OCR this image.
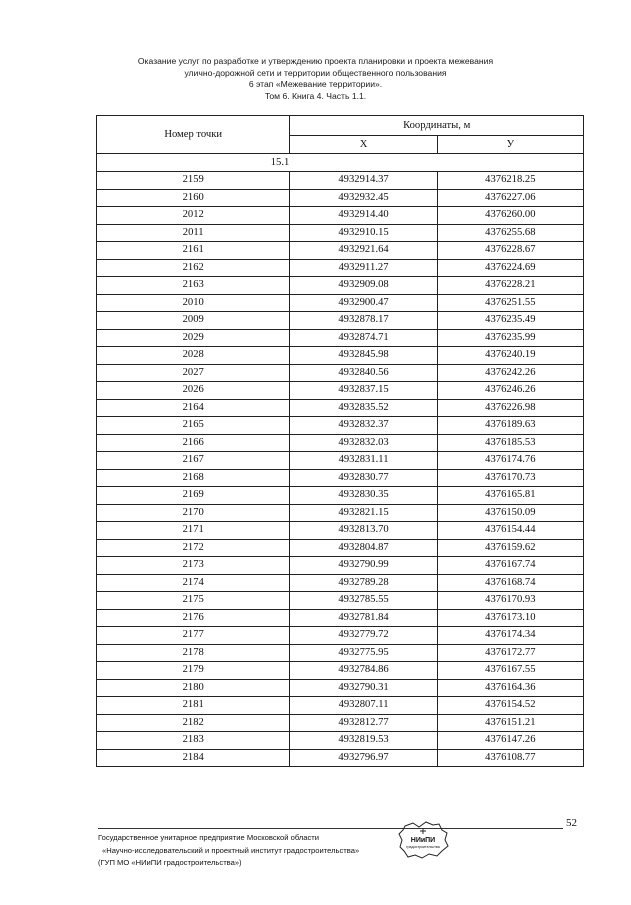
Оказание услуг по разработке и утверждению проекта планировки и проекта межевания
улично-дорожной сети и территории общественного пользования
6 этап «Межевание территории».
Том 6. Книга 4. Часть 1.1.
Номер точки	Координаты, м	
	X	У
15.1		
2159	4932914.37	4376218.25
2160	4932932.45	4376227.06
2012	4932914.40	4376260.00
2011	4932910.15	4376255.68
2161	4932921.64	4376228.67
2162	4932911.27	4376224.69
2163	4932909.08	4376228.21
2010	4932900.47	4376251.55
2009	4932878.17	4376235.49
2029	4932874.71	4376235.99
2028	4932845.98	4376240.19
2027	4932840.56	4376242.26
2026	4932837.15	4376246.26
2164	4932835.52	4376226.98
2165	4932832.37	4376189.63
2166	4932832.03	4376185.53
2167	4932831.11	4376174.76
2168	4932830.77	4376170.73
2169	4932830.35	4376165.81
2170	4932821.15	4376150.09
2171	4932813.70	4376154.44
2172	4932804.87	4376159.62
2173	4932790.99	4376167.74
2174	4932789.28	4376168.74
2175	4932785.55	4376170.93
2176	4932781.84	4376173.10
2177	4932779.72	4376174.34
2178	4932775.95	4376172.77
2179	4932784.86	4376167.55
2180	4932790.31	4376164.36
2181	4932807.11	4376154.52
2182	4932812.77	4376151.21
2183	4932819.53	4376147.26
2184	4932796.97	4376108.77
52
Государственное унитарное предприятие Московской области
«Научно-исследовательский и проектный институт градостроительства»
(ГУП МО «НИиПИ градостроительства»)
НИиПИ
градостроительства
